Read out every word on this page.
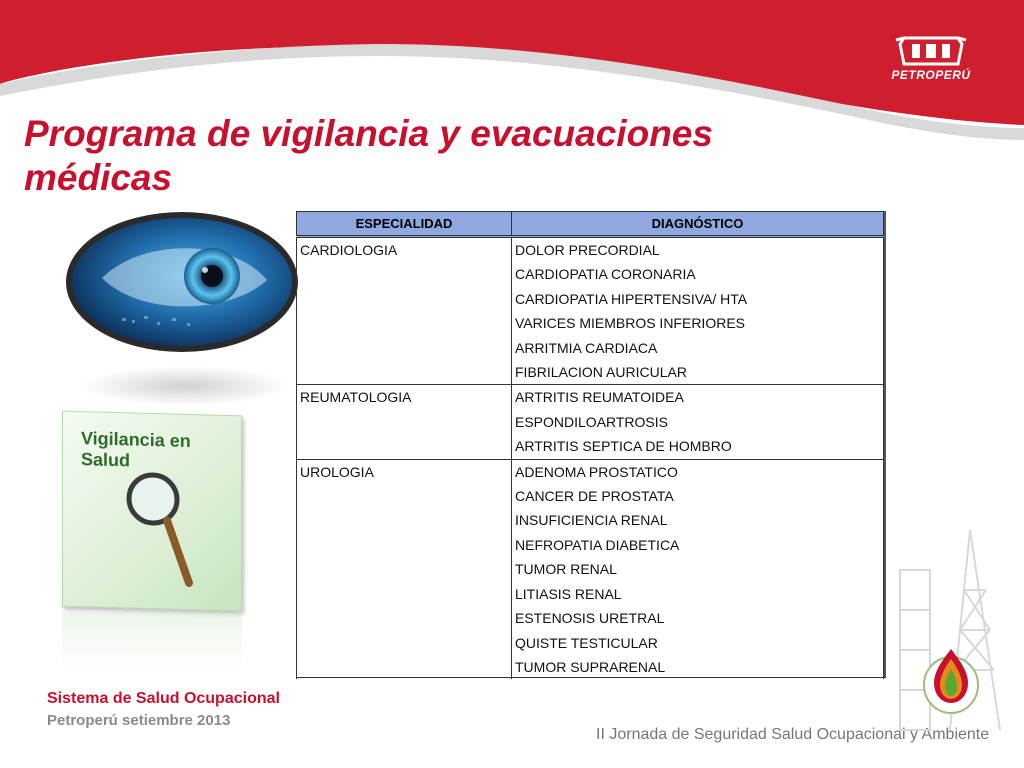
PETROPERÚ
Programa de vigilancia y evacuaciones
médicas
Vigilancia en Salud
ESPECIALIDAD	DIAGNÓSTICO
CARDIOLOGIA	DOLOR PRECORDIAL
	CARDIOPATIA CORONARIA
	CARDIOPATIA HIPERTENSIVA/ HTA
	VARICES MIEMBROS INFERIORES
	ARRITMIA CARDIACA
	FIBRILACION AURICULAR
REUMATOLOGIA	ARTRITIS REUMATOIDEA
	ESPONDILOARTROSIS
	ARTRITIS SEPTICA DE HOMBRO
UROLOGIA	ADENOMA PROSTATICO
	CANCER DE PROSTATA
	INSUFICIENCIA RENAL
	NEFROPATIA DIABETICA
	TUMOR RENAL
	LITIASIS RENAL
	ESTENOSIS URETRAL
	QUISTE TESTICULAR
	TUMOR SUPRARENAL
Sistema de Salud Ocupacional
Petroperú setiembre 2013
II Jornada de Seguridad Salud Ocupacional y Ambiente
